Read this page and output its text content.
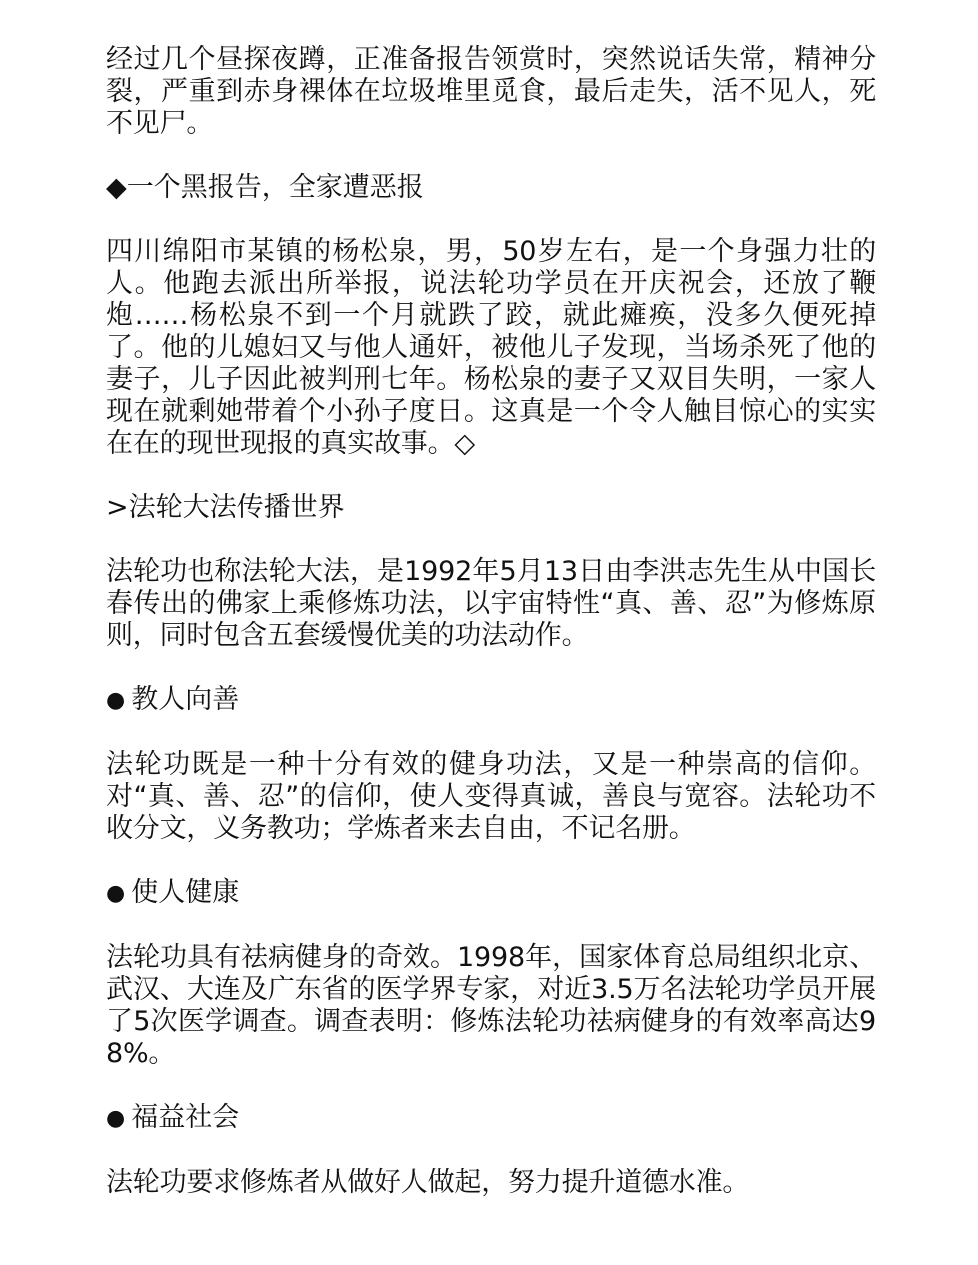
经过几个昼探夜蹲，正准备报告领赏时，突然说话失常，精神分裂，严重到赤身裸体在垃圾堆里觅食，最后走失，活不见人，死不见尸。

◆一个黑报告，全家遭恶报

四川绵阳市某镇的杨松泉，男，50岁左右，是一个身强力壮的人。他跑去派出所举报，说法轮功学员在开庆祝会，还放了鞭炮……杨松泉不到一个月就跌了跤，就此瘫痪，没多久便死掉了。他的儿媳妇又与他人通奸，被他儿子发现，当场杀死了他的妻子，儿子因此被判刑七年。杨松泉的妻子又双目失明，一家人现在就剩她带着个小孙子度日。这真是一个令人触目惊心的实实在在的现世现报的真实故事。◇

>法轮大法传播世界

法轮功也称法轮大法，是1992年5月13日由李洪志先生从中国长春传出的佛家上乘修炼功法，以宇宙特性“真、善、忍”为修炼原则，同时包含五套缓慢优美的功法动作。

● 教人向善

法轮功既是一种十分有效的健身功法，又是一种崇高的信仰。对“真、善、忍”的信仰，使人变得真诚，善良与宽容。法轮功不收分文，义务教功；学炼者来去自由，不记名册。

● 使人健康

法轮功具有祛病健身的奇效。1998年，国家体育总局组织北京、武汉、大连及广东省的医学界专家，对近3.5万名法轮功学员开展了5次医学调查。调查表明：修炼法轮功祛病健身的有效率高达98%。

● 福益社会

法轮功要求修炼者从做好人做起，努力提升道德水准。
